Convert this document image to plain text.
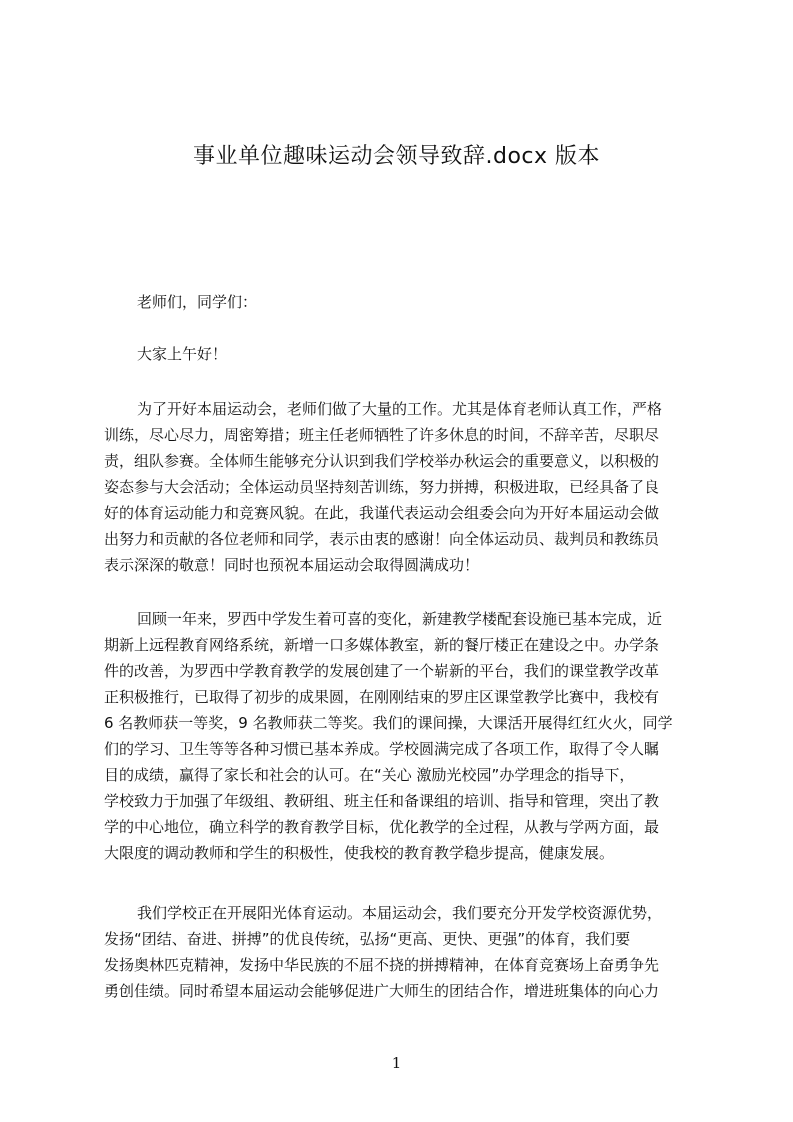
事业单位趣味运动会领导致辞.docx 版本
老师们，同学们：
大家上午好！
为了开好本届运动会，老师们做了大量的工作。尤其是体育老师认真工作，严格
训练，尽心尽力，周密筹措；班主任老师牺牲了许多休息的时间，不辞辛苦，尽职尽
责，组队参赛。全体师生能够充分认识到我们学校举办秋运会的重要意义，以积极的
姿态参与大会活动；全体运动员坚持刻苦训练，努力拼搏，积极进取，已经具备了良
好的体育运动能力和竞赛风貌。在此，我谨代表运动会组委会向为开好本届运动会做
出努力和贡献的各位老师和同学，表示由衷的感谢！向全体运动员、裁判员和教练员
表示深深的敬意！同时也预祝本届运动会取得圆满成功！
回顾一年来，罗西中学发生着可喜的变化，新建教学楼配套设施已基本完成，近
期新上远程教育网络系统，新增一口多媒体教室，新的餐厅楼正在建设之中。办学条
件的改善，为罗西中学教育教学的发展创建了一个崭新的平台，我们的课堂教学改革
正积极推行，已取得了初步的成果圆，在刚刚结束的罗庄区课堂教学比赛中，我校有
6 名教师获一等奖，9 名教师获二等奖。我们的课间操，大课活开展得红红火火，同学
们的学习、卫生等等各种习惯已基本养成。学校圆满完成了各项工作，取得了令人瞩
目的成绩，赢得了家长和社会的认可。在“关心 激励光校园”办学理念的指导下，
学校致力于加强了年级组、教研组、班主任和备课组的培训、指导和管理，突出了教
学的中心地位，确立科学的教育教学目标，优化教学的全过程，从教与学两方面，最
大限度的调动教师和学生的积极性，使我校的教育教学稳步提高，健康发展。
我们学校正在开展阳光体育运动。本届运动会，我们要充分开发学校资源优势，
发扬“团结、奋进、拼搏”的优良传统，弘扬“更高、更快、更强”的体育，我们要
发扬奥林匹克精神，发扬中华民族的不屈不挠的拼搏精神，在体育竞赛场上奋勇争先
勇创佳绩。同时希望本届运动会能够促进广大师生的团结合作，增进班集体的向心力
1
